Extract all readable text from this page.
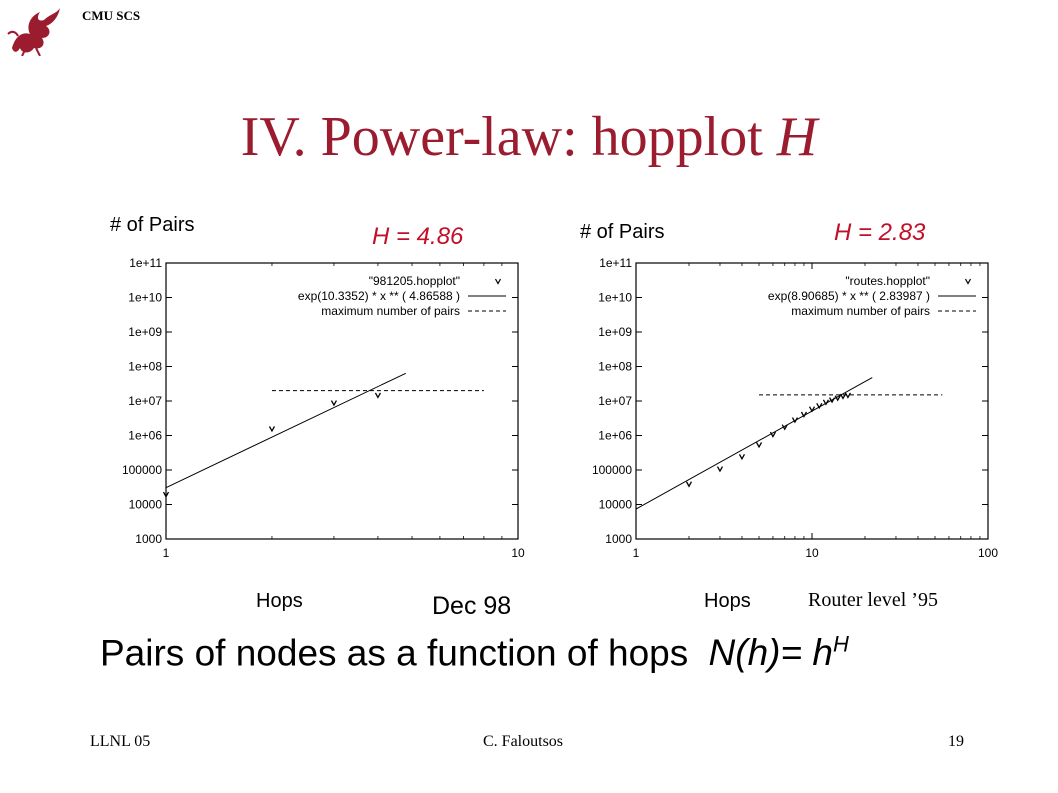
CMU SCS
IV. Power-law: hopplot H
# of Pairs	H = 4.86	# of Pairs	H = 2.83
1000
10000
100000
1e+06
1e+07
1e+08
1e+09
1e+10
1e+11
1	10
"981205.hopplot"
exp(10.3352) * x ** ( 4.86588 )
maximum number of pairs
1000
10000
100000
1e+06
1e+07
1e+08
1e+09
1e+10
1e+11
1	10	100
"routes.hopplot"
exp(8.90685) * x ** ( 2.83987 )
maximum number of pairs
Hops	Dec 98	Hops	Router level ’95
Pairs of nodes as a function of hops $N(h)= h^H$
LLNL 05	C. Faloutsos	19
